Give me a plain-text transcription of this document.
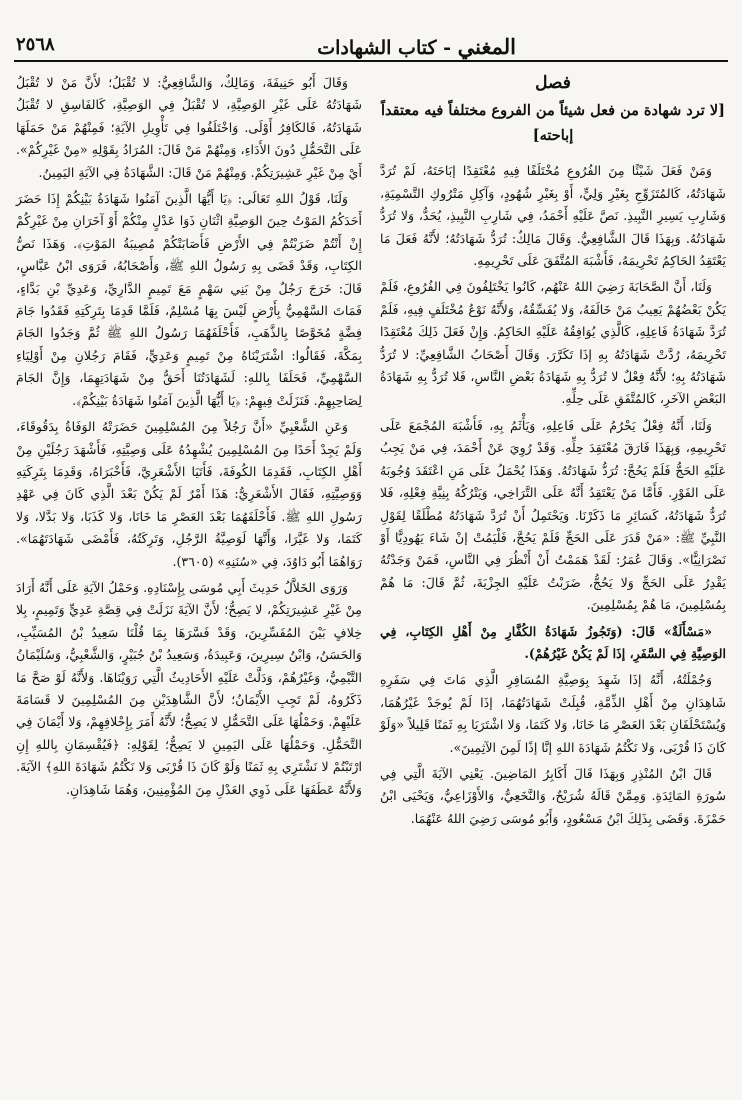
المغني - كتاب الشهادات
٢٥٦٨
فصل
[لا ترد شهادة من فعل شيئاً من الفروع مختلفاً فيه معتقداً إباحته]

وَمَنْ فَعَلَ شَيْئًا مِنَ الفُرُوعِ مُخْتَلَفًا فِيهِ مُعْتَقِدًا إبَاحَتَهُ، لَمْ تُرَدَّ شَهَادَتُهُ، كَالمُتَزَوِّجِ بِغَيْرِ وَلِيٍّ، أَوْ بِغَيْرِ شُهُودٍ، وَآكِلِ مَتْرُوكِ التَّسْمِيَةِ، وَشَارِبِ يَسِيرِ النَّبِيذِ. نَصَّ عَلَيْهِ أَحْمَدُ، فِي شَارِبِ النَّبِيذِ، يُحَدُّ، وَلا تُرَدُّ شَهَادَتُهُ. وَبِهَذَا قَالَ الشَّافِعِيُّ. وَقَالَ مَالِكٌ: تُرَدُّ شَهَادَتُهُ؛ لأَنَّهُ فَعَلَ مَا يَعْتَقِدُ الحَاكِمُ تَحْرِيمَهُ، فَأَشْبَهَ المُتَّفَقَ عَلَى تَحْرِيمِهِ.

وَلَنَا، أَنَّ الصَّحَابَةَ رَضِيَ اللهُ عَنْهُم، كَانُوا يَخْتَلِفُونَ فِي الفُرُوعِ، فَلَمْ يَكُنْ بَعْضُهُمْ يَعِيبُ مَنْ خَالَفَهُ، وَلا يُفَسِّقُهُ، وَلأَنَّهُ نَوْعُ مُخْتَلَفٍ فِيهِ، فَلَمْ تُرَدَّ شَهَادَةُ فَاعِلِهِ، كَالَّذِي يُوَافِقُهُ عَلَيْهِ الحَاكِمُ. وَإِنْ فَعَلَ ذَلِكَ مُعْتَقِدًا تَحْرِيمَهُ، رُدَّتْ شَهَادَتُهُ بِهِ إذَا تَكَرَّرَ. وَقَالَ أَصْحَابُ الشَّافِعِيِّ: لا تُرَدُّ شَهَادَتُهُ بِهِ؛ لأَنَّهُ فِعْلٌ لا تُرَدُّ بِهِ شَهَادَةُ بَعْضِ النَّاسِ، فَلا تُرَدُّ بِهِ شَهَادَةُ البَعْضِ الآخَرِ، كَالمُتَّفَقِ عَلَى حِلِّهِ.

وَلَنَا، أَنَّهُ فِعْلٌ يَحْرُمُ عَلَى فَاعِلِهِ، وَيَأْثَمُ بِهِ، فَأَشْبَهَ المُجْمَعَ عَلَى تَحْرِيمِهِ، وَبِهَذَا فَارَقَ مُعْتَقِدَ حِلِّهِ. وَقَدْ رُوِيَ عَنْ أَحْمَدَ، فِي مَنْ يَجِبُ عَلَيْهِ الحَجُّ فَلَمْ يَحُجَّ: تُرَدُّ شَهَادَتُهُ. وَهَذَا يُحْمَلُ عَلَى مَنِ اعْتَقَدَ وُجُوبَهُ عَلَى الفَوْرِ. فَأَمَّا مَنْ يَعْتَقِدُ أَنَّهُ عَلَى التَّرَاخِي، وَيَتْرُكُهُ بِنِيَّةِ فِعْلِهِ، فَلا تُرَدُّ شَهَادَتُهُ، كَسَائِرِ مَا ذَكَرْنَا. وَيَحْتَمِلُ أَنْ تُرَدَّ شَهَادَتُهُ مُطْلَقًا لِقَوْلِ النَّبِيِّ ﷺ: «مَنْ قَدَرَ عَلَى الحَجِّ فَلَمْ يَحُجَّ، فَلْيَمُتْ إنْ شَاءَ يَهُودِيًّا أَوْ نَصْرَانِيًّا». وَقَالَ عُمَرُ: لَقَدْ هَمَمْتُ أَنْ أَنْظُرَ فِي النَّاسِ، فَمَنْ وَجَدْتُهُ يَقْدِرُ عَلَى الحَجِّ وَلا يَحُجُّ، ضَرَبْتُ عَلَيْهِ الجِزْيَةَ، ثُمَّ قَالَ: مَا هُمْ بِمُسْلِمِينَ، مَا هُمْ بِمُسْلِمِينَ.

«مَسْأَلَةٌ» قَالَ: (وَتَجُوزُ شَهَادَةُ الكُفَّارِ مِنْ أَهْلِ الكِتَابِ، فِي الوَصِيَّةِ فِي السَّفَرِ، إذَا لَمْ يَكُنْ غَيْرُهُمْ).

وَجُمْلَتُهُ، أَنَّهُ إذَا شَهِدَ بِوَصِيَّةِ المُسَافِرِ الَّذِي مَاتَ فِي سَفَرِهِ شَاهِدَانِ مِنْ أَهْلِ الذِّمَّةِ، قُبِلَتْ شَهَادَتُهُمَا، إذَا لَمْ يُوجَدْ غَيْرُهُمَا، وَيُسْتَحْلَفَانِ بَعْدَ العَصْرِ مَا خَانَا، وَلا كَتَمَا، وَلا اشْتَرَيَا بِهِ ثَمَنًا قَلِيلاً «وَلَوْ كَانَ ذَا قُرْبَى، وَلا نَكْتُمُ شَهَادَةَ اللهِ إنَّا إذًا لَمِنَ الآثِمِينَ».

قَالَ ابْنُ المُنْذِرِ وَبِهَذَا قَالَ أَكَابِرُ المَاضِينَ. يَعْنِي الآيَةَ الَّتِي فِي سُورَةِ المَائِدَةِ. وَمِمَّنْ قَالَهُ شُرَيْحٌ، وَالنَّخَعِيُّ، وَالأَوْزَاعِيُّ، وَيَحْيَى ابْنُ حَمْزَةَ. وَقَضَى بِذَلِكَ ابْنُ مَسْعُودٍ، وَأَبُو مُوسَى رَضِيَ اللهُ عَنْهُمَا.

وَقَالَ أَبُو حَنِيفَةَ، وَمَالِكٌ، وَالشَّافِعِيُّ: لا تُقْبَلُ؛ لأَنَّ مَنْ لا تُقْبَلُ شَهَادَتُهُ عَلَى غَيْرِ الوَصِيَّةِ، لا تُقْبَلُ فِي الوَصِيَّةِ، كَالفَاسِقِ لا تُقْبَلُ شَهَادَتُهُ، فَالكَافِرُ أَوْلَى. وَاخْتَلَفُوا فِي تَأْوِيلِ الآيَةِ؛ فَمِنْهُمْ مَنْ حَمَلَهَا عَلَى التَّحَمُّلِ دُونَ الأَدَاءِ، وَمِنْهُمْ مَنْ قَالَ: المُرَادُ بِقَوْلِهِ «مِنْ غَيْرِكُمْ». أَيْ مِنْ غَيْرِ عَشِيرَتِكُمْ. وَمِنْهُمْ مَنْ قَالَ: الشَّهَادَةُ فِي الآيَةِ اليَمِينُ.

وَلَنَا، قَوْلُ اللهِ تَعَالَى: ﴿يَا أَيُّهَا الَّذِينَ آمَنُوا شَهَادَةُ بَيْنِكُمْ إِذَا حَضَرَ أَحَدَكُمُ المَوْتُ حِينَ الوَصِيَّةِ اثْنَانِ ذَوَا عَدْلٍ مِنْكُمْ أَوْ آخَرَانِ مِنْ غَيْرِكُمْ إِنْ أَنْتُمْ ضَرَبْتُمْ فِي الأَرْضِ فَأَصَابَتْكُمْ مُصِيبَةُ المَوْتِ﴾. وَهَذَا نَصُّ الكِتَابِ، وَقَدْ قَضَى بِهِ رَسُولُ اللهِ ﷺ، وَأَصْحَابُهُ، فَرَوَى ابْنُ عَبَّاسٍ، قَالَ: خَرَجَ رَجُلٌ مِنْ بَنِي سَهْمٍ مَعَ تَمِيمٍ الدَّارِيِّ، وَعَدِيِّ بْنِ بَدَّاءٍ، فَمَاتَ السَّهْمِيُّ بِأَرْضٍ لَيْسَ بِهَا مُسْلِمٌ، فَلَمَّا قَدِمَا بِتَرِكَتِهِ فَقَدُوا جَامَ فِضَّةٍ مُخَوَّصًا بِالذَّهَبِ، فَأَحْلَفَهُمَا رَسُولُ اللهِ ﷺ ثُمَّ وَجَدُوا الجَامَ بِمَكَّةَ، فَقَالُوا: اشْتَرَيْنَاهُ مِنْ تَمِيمٍ وَعَدِيٍّ، فَقَامَ رَجُلانِ مِنْ أَوْلِيَاءِ السَّهْمِيِّ، فَحَلَفَا بِاللهِ: لَشَهَادَتُنَا أَحَقُّ مِنْ شَهَادَتِهِمَا، وَإِنَّ الجَامَ لِصَاحِبِهِمْ. فَنَزَلَتْ فِيهِمْ: ﴿يَا أَيُّهَا الَّذِينَ آمَنُوا شَهَادَةُ بَيْنِكُمْ﴾.

وَعَنِ الشَّعْبِيِّ «أَنَّ رَجُلاً مِنَ المُسْلِمِينَ حَضَرَتْهُ الوَفَاةُ بِدَقُوقَاءَ، وَلَمْ يَجِدْ أَحَدًا مِنَ المُسْلِمِينَ يُشْهِدُهُ عَلَى وَصِيَّتِهِ، فَأَشْهَدَ رَجُلَيْنِ مِنْ أَهْلِ الكِتَابِ، فَقَدِمَا الكُوفَةَ، فَأَتَيَا الأَشْعَرِيَّ، فَأَخْبَرَاهُ، وَقَدِمَا بِتَرِكَتِهِ وَوَصِيَّتِهِ، فَقَالَ الأَشْعَرِيُّ: هَذَا أَمْرٌ لَمْ يَكُنْ بَعْدَ الَّذِي كَانَ فِي عَهْدِ رَسُولِ اللهِ ﷺ. فَأَحْلَفَهُمَا بَعْدَ العَصْرِ مَا خَانَا، وَلا كَذَبَا، وَلا بَدَّلا، وَلا كَتَمَا، وَلا غَيَّرَا، وَأَنَّهَا لَوَصِيَّةُ الرَّجُلِ، وَتَرِكَتُهُ، فَأَمْضَى شَهَادَتَهُمَا». رَوَاهُمَا أَبُو دَاوُدَ، فِي «سُنَنِهِ» (٣٦٠٥).

وَرَوَى الخَلاَّلُ حَدِيثَ أَبِي مُوسَى بِإِسْنَادِهِ. وَحَمْلُ الآيَةِ عَلَى أَنَّهُ أَرَادَ مِنْ غَيْرِ عَشِيرَتِكُمْ، لا يَصِحُّ؛ لأَنَّ الآيَةَ نَزَلَتْ فِي قِصَّةِ عَدِيٍّ وَتَمِيمٍ، بِلا خِلافٍ بَيْنَ المُفَسِّرِينَ، وَقَدْ فَسَّرَهَا بِمَا قُلْنَا سَعِيدُ بْنُ المُسَيِّبِ، وَالحَسَنُ، وَابْنُ سِيرِينَ، وَعَبِيدَةُ، وَسَعِيدُ بْنُ جُبَيْرٍ، وَالشَّعْبِيُّ، وَسُلَيْمَانُ التَّيْمِيُّ، وَغَيْرُهُمْ، وَدَلَّتْ عَلَيْهِ الأَحَادِيثُ الَّتِي رَوَيْنَاهَا. وَلأَنَّهُ لَوْ صَحَّ مَا ذَكَرُوهُ، لَمْ تَجِبِ الأَيْمَانُ؛ لأَنَّ الشَّاهِدَيْنِ مِنَ المُسْلِمِينَ لا قَسَامَةَ عَلَيْهِمْ. وَحَمْلُهَا عَلَى التَّحَمُّلِ لا يَصِحُّ؛ لأَنَّهُ أَمَرَ بِإِحْلافِهِمْ، وَلا أَيْمَانَ فِي التَّحَمُّلِ. وَحَمْلُهَا عَلَى اليَمِينِ لا يَصِحُّ؛ لِقَوْلِهِ: ﴿فَيُقْسِمَانِ بِاللهِ إِنِ ارْتَبْتُمْ لا نَشْتَرِي بِهِ ثَمَنًا وَلَوْ كَانَ ذَا قُرْبَى وَلا نَكْتُمُ شَهَادَةَ اللهِ﴾ الآيَةَ. وَلأَنَّهُ عَطَفَهَا عَلَى ذَوِي العَدْلِ مِنَ المُؤْمِنِينَ، وَهُمَا شَاهِدَانِ.
